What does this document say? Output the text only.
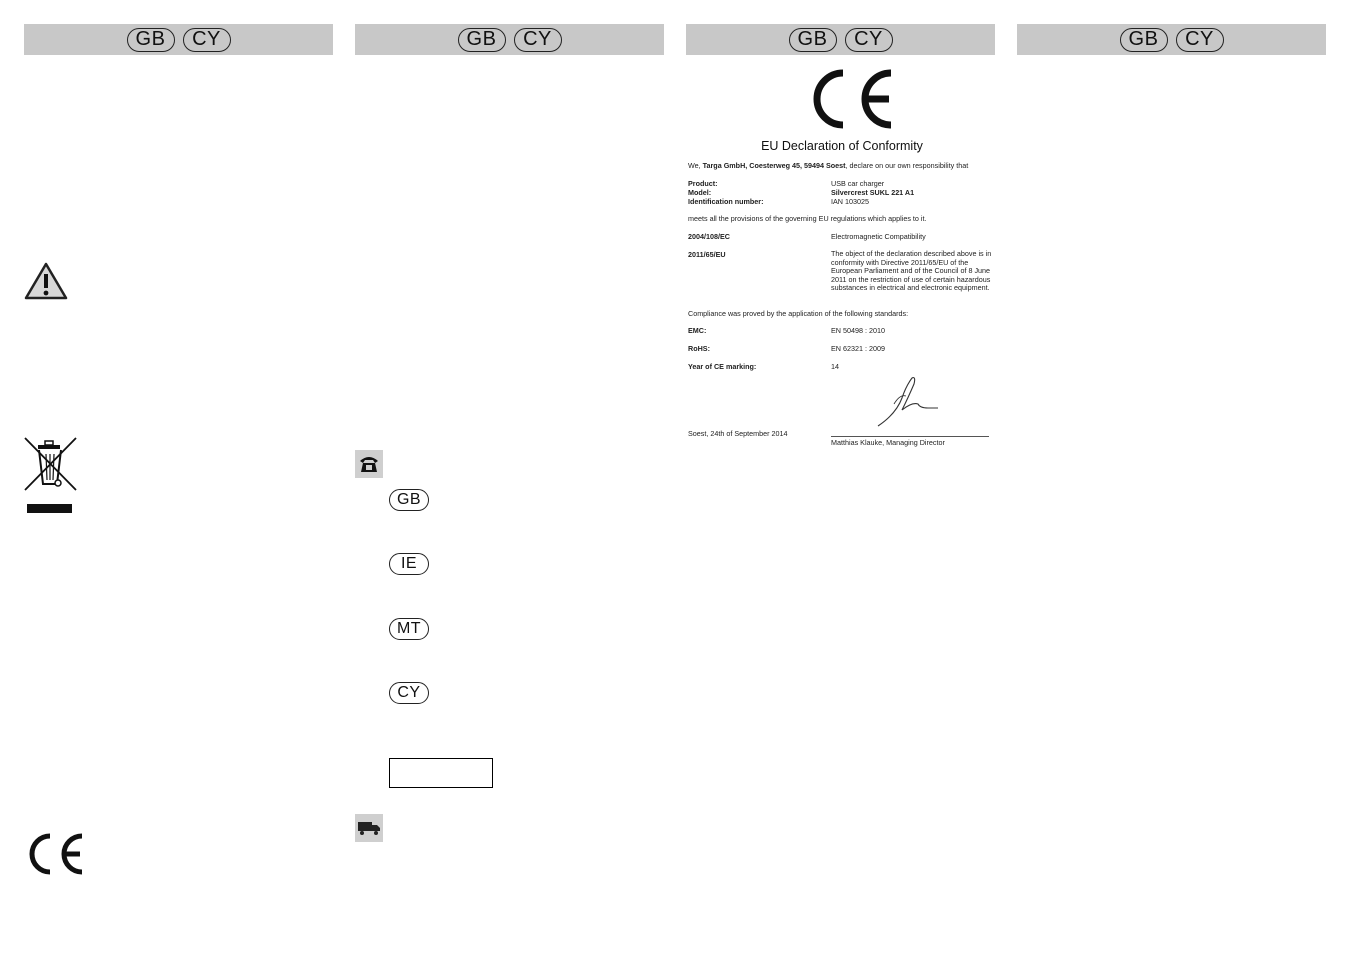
GB	CY	GB	CY	GB	CY	GB	CY
GB
IE
MT
CY
EU Declaration of Conformity
We, Targa GmbH, Coesterweg 45, 59494 Soest, declare on our own responsibility that
Product:	USB car charger
Model:	Silvercrest SUKL 221 A1
Identification number:	IAN 103025
meets all the provisions of the governing EU regulations which applies to it.
2004/108/EC	Electromagnetic Compatibility
2011/65/EU	The object of the declaration described above is in conformity with Directive 2011/65/EU of the European Parliament and of the Council of 8 June 2011 on the restriction of use of certain hazardous substances in electrical and electronic equipment.
Compliance was proved by the application of the following standards:
EMC:	EN 50498 : 2010
RoHS:	EN 62321 : 2009
Year of CE marking:	14
Soest, 24th of September 2014
Matthias Klauke, Managing Director
